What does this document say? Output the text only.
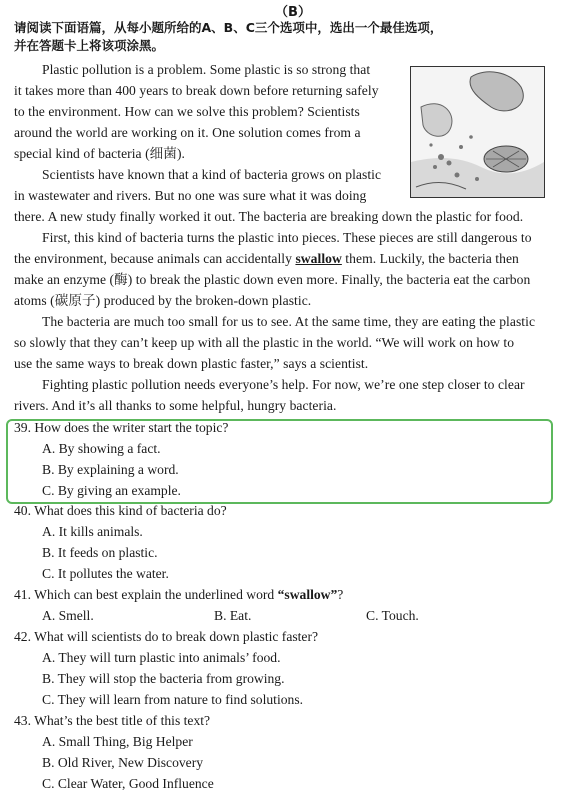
（B）
请阅读下面语篇，从每小题所给的A、B、C三个选项中，选出一个最佳选项，
并在答题卡上将该项涂黑。
Plastic pollution is a problem. Some plastic is so strong that
it takes more than 400 years to break down before returning safely
to the environment. How can we solve this problem? Scientists
around the world are working on it. One solution comes from a
special kind of bacteria (细菌).
Scientists have known that a kind of bacteria grows on plastic
in wastewater and rivers. But no one was sure what it was doing
there. A new study finally worked it out. The bacteria are breaking down the plastic for food.
First, this kind of bacteria turns the plastic into pieces. These pieces are still dangerous to
the environment, because animals can accidentally swallow them. Luckily, the bacteria then
make an enzyme (酶) to break the plastic down even more. Finally, the bacteria eat the carbon
atoms (碳原子) produced by the broken-down plastic.
The bacteria are much too small for us to see. At the same time, they are eating the plastic
so slowly that they can’t keep up with all the plastic in the world. “We will work on how to
use the same ways to break down plastic faster,” says a scientist.
Fighting plastic pollution needs everyone’s help. For now, we’re one step closer to clear
rivers. And it’s all thanks to some helpful, hungry bacteria.
39. How does the writer start the topic?
A. By showing a fact.
B. By explaining a word.
C. By giving an example.
40. What does this kind of bacteria do?
A. It kills animals.
B. It feeds on plastic.
C. It pollutes the water.
41. Which can best explain the underlined word “swallow”?
A. Smell.	B. Eat.	C. Touch.
42. What will scientists do to break down plastic faster?
A. They will turn plastic into animals’ food.
B. They will stop the bacteria from growing.
C. They will learn from nature to find solutions.
43. What’s the best title of this text?
A. Small Thing, Big Helper
B. Old River, New Discovery
C. Clear Water, Good Influence
